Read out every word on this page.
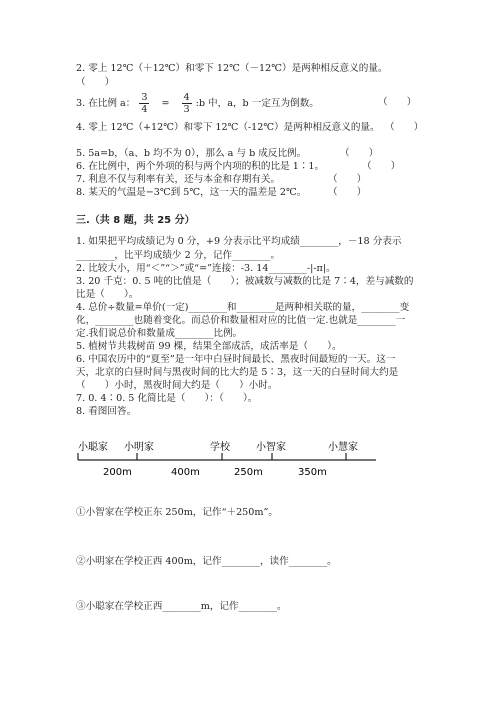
2. 零上 12℃（＋12℃）和零下 12℃（－12℃）是两种相反意义的量。
（　　）
3. 在比例 a： $\frac{3}{4} = \frac{4}{3}$ :b 中，a，b 一定互为倒数。	（　　）
4. 零上 12℃（+12℃）和零下 12℃（-12℃）是两种相反意义的量。 （　　）
5. 5a=b，（a、b 均不为 0），那么 a 与 b 成反比例。	（　　）
6. 在比例中，两个外项的积与两个内项的积的比是 1∶1。	（　　）
7. 利息不仅与利率有关，还与本金和存期有关。	（　　）
8. 某天的气温是−3℃到 5℃，这一天的温差是 2℃。 （　　）
三.（共 8 题，共 25 分）
1. 如果把平均成绩记为 0 分，+9 分表示比平均成绩________，－18 分表示
________，比平均成绩少 2 分，记作________。
2. 比较大小，用“＜”“＞”或“=”连接：-3. 14________-|-π|。
3. 20 千克：0. 5 吨的比值是（　　）；被减数与减数的比是 7∶4，差与减数的
比是（　　）。
4. 总价÷数量=单价(一定)________和________是两种相关联的量，________变
化，________也随着变化。而总价和数量相对应的比值一定.也就是________一
定.我们说总价和数量成________比例。
5. 植树节共栽树苗 99 棵，结果全部成活，成活率是（　　）。
6. 中国农历中的“夏至”是一年中白昼时间最长、黑夜时间最短的一天。这一
天，北京的白昼时间与黑夜时间的比大约是 5∶3，这一天的白昼时间大约是
（　　）小时，黑夜时间大约是（　　）小时。
7. 0. 4∶0. 5 化简比是（　　）：（　　）。
8. 看图回答。
小聪家 小明家	学校	小智家	小慧家
200m	400m	250m	350m
①小智家在学校正东 250m，记作“＋250m”。
②小明家在学校正西 400m，记作________，读作________。
③小聪家在学校正西________m，记作________。
